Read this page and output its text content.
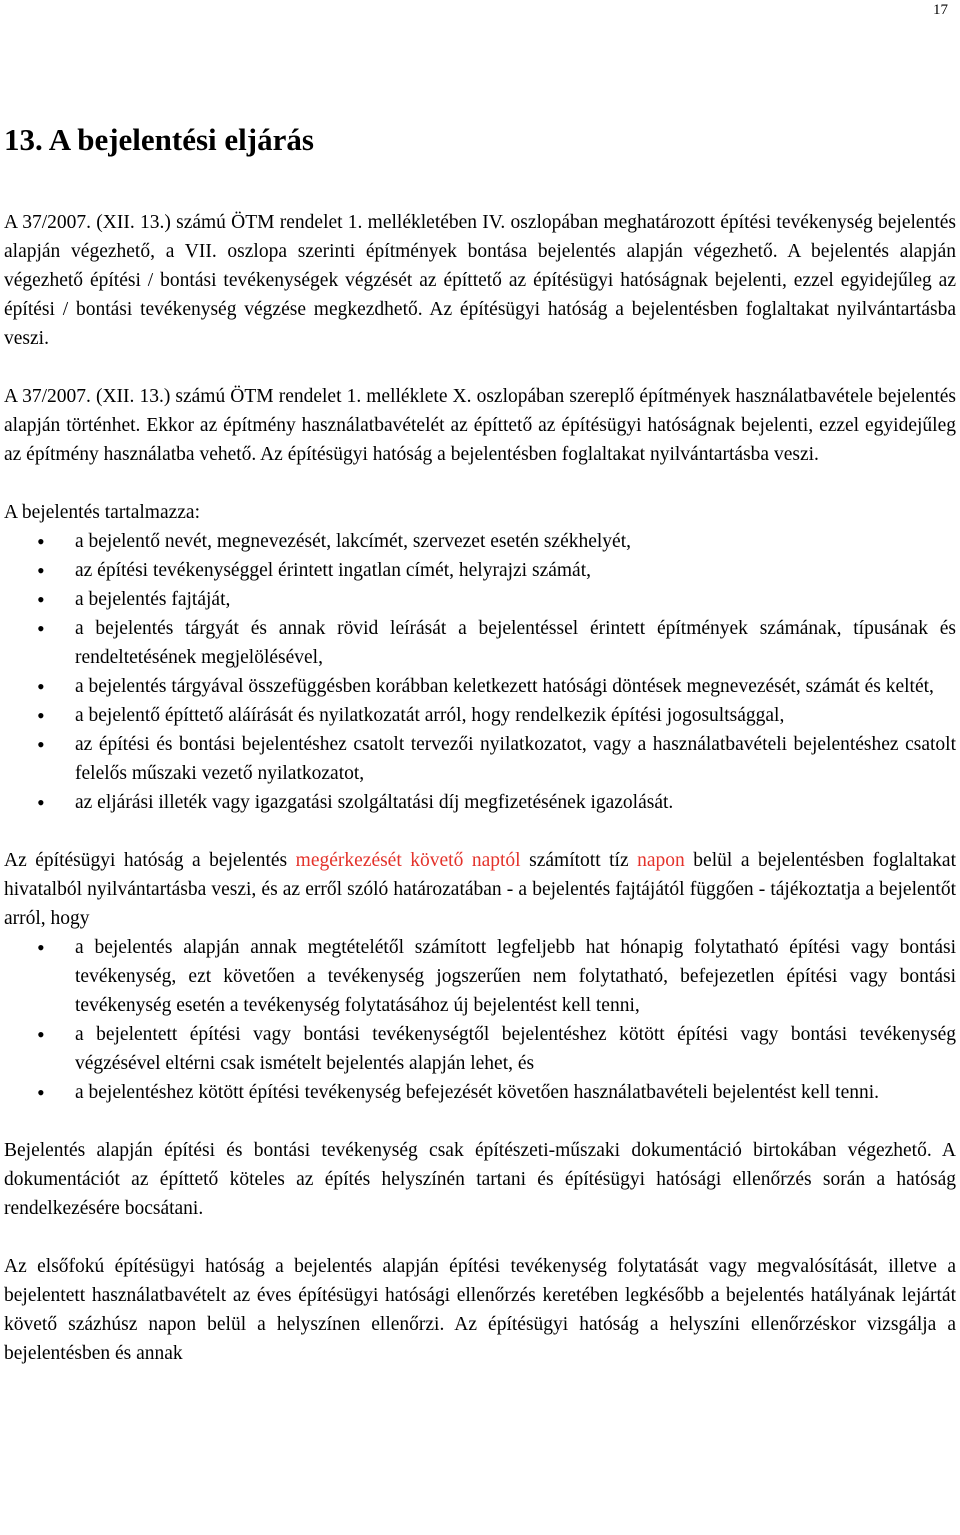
17
13. A bejelentési eljárás

A 37/2007. (XII. 13.) számú ÖTM rendelet 1. mellékletében IV. oszlopában meghatározott építési tevékenység bejelentés alapján végezhető, a VII. oszlopa szerinti építmények bontása bejelentés alapján végezhető. A bejelentés alapján végezhető építési / bontási tevékenységek végzését az építtető az építésügyi hatóságnak bejelenti, ezzel egyidejűleg az építési / bontási tevékenység végzése megkezdhető. Az építésügyi hatóság a bejelentésben foglaltakat nyilvántartásba veszi.

A 37/2007. (XII. 13.) számú ÖTM rendelet 1. melléklete X. oszlopában szereplő építmények használatbavétele bejelentés alapján történhet. Ekkor az építmény használatbavételét az építtető az építésügyi hatóságnak bejelenti, ezzel egyidejűleg az építmény használatba vehető. Az építésügyi hatóság a bejelentésben foglaltakat nyilvántartásba veszi.

A bejelentés tartalmazza:

• a bejelentő nevét, megnevezését, lakcímét, szervezet esetén székhelyét,
• az építési tevékenységgel érintett ingatlan címét, helyrajzi számát,
• a bejelentés fajtáját,
• a bejelentés tárgyát és annak rövid leírását a bejelentéssel érintett építmények számának, típusának és rendeltetésének megjelölésével,
• a bejelentés tárgyával összefüggésben korábban keletkezett hatósági döntések megnevezését, számát és keltét,
• a bejelentő építtető aláírását és nyilatkozatát arról, hogy rendelkezik építési jogosultsággal,
• az építési és bontási bejelentéshez csatolt tervezői nyilatkozatot, vagy a használatbavételi bejelentéshez csatolt felelős műszaki vezető nyilatkozatot,
• az eljárási illeték vagy igazgatási szolgáltatási díj megfizetésének igazolását.

Az építésügyi hatóság a bejelentés megérkezését követő naptól számított tíz napon belül a bejelentésben foglaltakat hivatalból nyilvántartásba veszi, és az erről szóló határozatában - a bejelentés fajtájától függően - tájékoztatja a bejelentőt arról, hogy

• a bejelentés alapján annak megtételétől számított legfeljebb hat hónapig folytatható építési vagy bontási tevékenység, ezt követően a tevékenység jogszerűen nem folytatható, befejezetlen építési vagy bontási tevékenység esetén a tevékenység folytatásához új bejelentést kell tenni,
• a bejelentett építési vagy bontási tevékenységtől bejelentéshez kötött építési vagy bontási tevékenység végzésével eltérni csak ismételt bejelentés alapján lehet, és
• a bejelentéshez kötött építési tevékenység befejezését követően használatbavételi bejelentést kell tenni.

Bejelentés alapján építési és bontási tevékenység csak építészeti-műszaki dokumentáció birtokában végezhető. A dokumentációt az építtető köteles az építés helyszínén tartani és építésügyi hatósági ellenőrzés során a hatóság rendelkezésére bocsátani.

Az elsőfokú építésügyi hatóság a bejelentés alapján építési tevékenység folytatását vagy megvalósítását, illetve a bejelentett használatbavételt az éves építésügyi hatósági ellenőrzés keretében legkésőbb a bejelentés hatályának lejártát követő százhúsz napon belül a helyszínen ellenőrzi. Az építésügyi hatóság a helyszíni ellenőrzéskor vizsgálja a bejelentésben és annak
